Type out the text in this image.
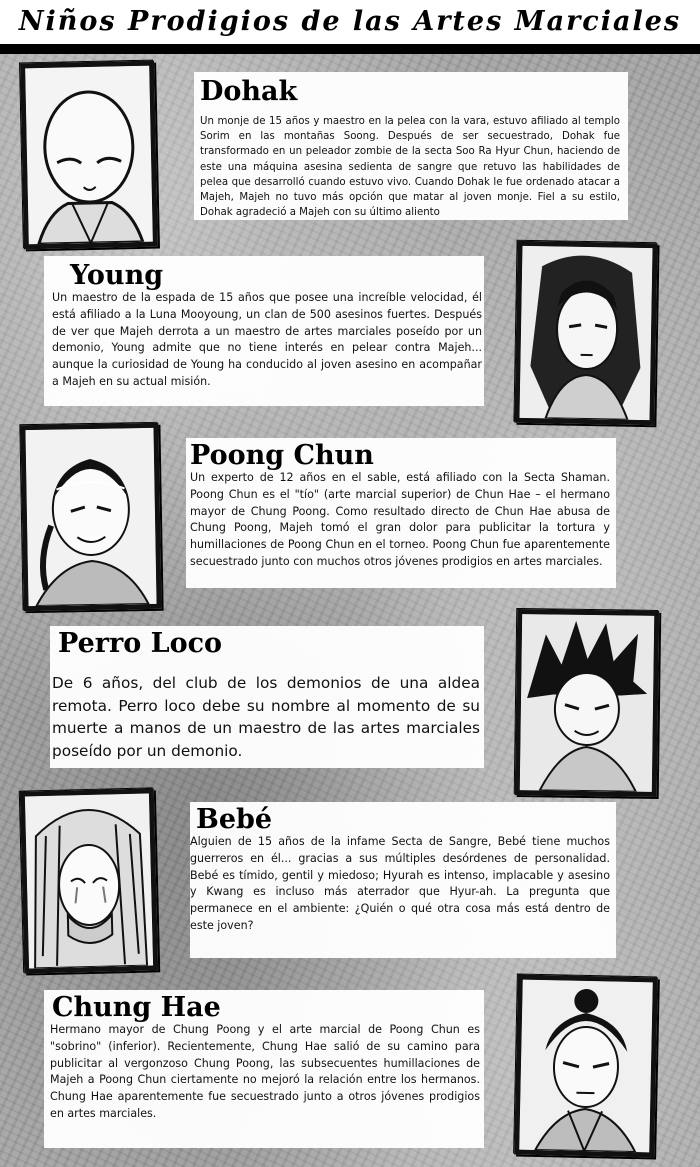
Niños Prodigios de las Artes Marciales
Dohak
Un monje de 15 años y maestro en la pelea con la vara, estuvo afiliado al templo Sorim en las montañas Soong. Después de ser secuestrado, Dohak fue transformado en un peleador zombie de la secta Soo Ra Hyur Chun, haciendo de este una máquina asesina sedienta de sangre que retuvo las habilidades de pelea que desarrolló cuando estuvo vivo. Cuando Dohak le fue ordenado atacar a Majeh, Majeh no tuvo más opción que matar al joven monje. Fiel a su estilo, Dohak agradeció a Majeh con su último aliento
Young
Un maestro de la espada de 15 años que posee una increíble velocidad, él está afiliado a la Luna Mooyoung, un clan de 500 asesinos fuertes. Después de ver que Majeh derrota a un maestro de artes marciales poseído por un demonio, Young admite que no tiene interés en pelear contra Majeh... aunque la curiosidad de Young ha conducido al joven asesino en acompañar a Majeh en su actual misión.
Poong Chun
Un experto de 12 años en el sable, está afiliado con la Secta Shaman. Poong Chun es el "tío" (arte marcial superior) de Chun Hae – el hermano mayor de Chung Poong. Como resultado directo de Chun Hae abusa de Chung Poong, Majeh tomó el gran dolor para publicitar la tortura y humillaciones de Poong Chun en el torneo. Poong Chun fue aparentemente secuestrado junto con muchos otros jóvenes prodigios en artes marciales.
Perro Loco
De 6 años, del club de los demonios de una aldea remota. Perro loco debe su nombre al momento de su muerte a manos de un maestro de las artes marciales poseído por un demonio.
Bebé
Alguien de 15 años de la infame Secta de Sangre, Bebé tiene muchos guerreros en él... gracias a sus múltiples desórdenes de personalidad. Bebé es tímido, gentil y miedoso; Hyurah es intenso, implacable y asesino y Kwang es incluso más aterrador que Hyur-ah. La pregunta que permanece en el ambiente: ¿Quién o qué otra cosa más está dentro de este joven?
Chung Hae
Hermano mayor de Chung Poong y el arte marcial de Poong Chun es "sobrino" (inferior). Recientemente, Chung Hae salió de su camino para publicitar al vergonzoso Chung Poong, las subsecuentes humillaciones de Majeh a Poong Chun ciertamente no mejoró la relación entre los hermanos. Chung Hae aparentemente fue secuestrado junto a otros jóvenes prodigios en artes marciales.
